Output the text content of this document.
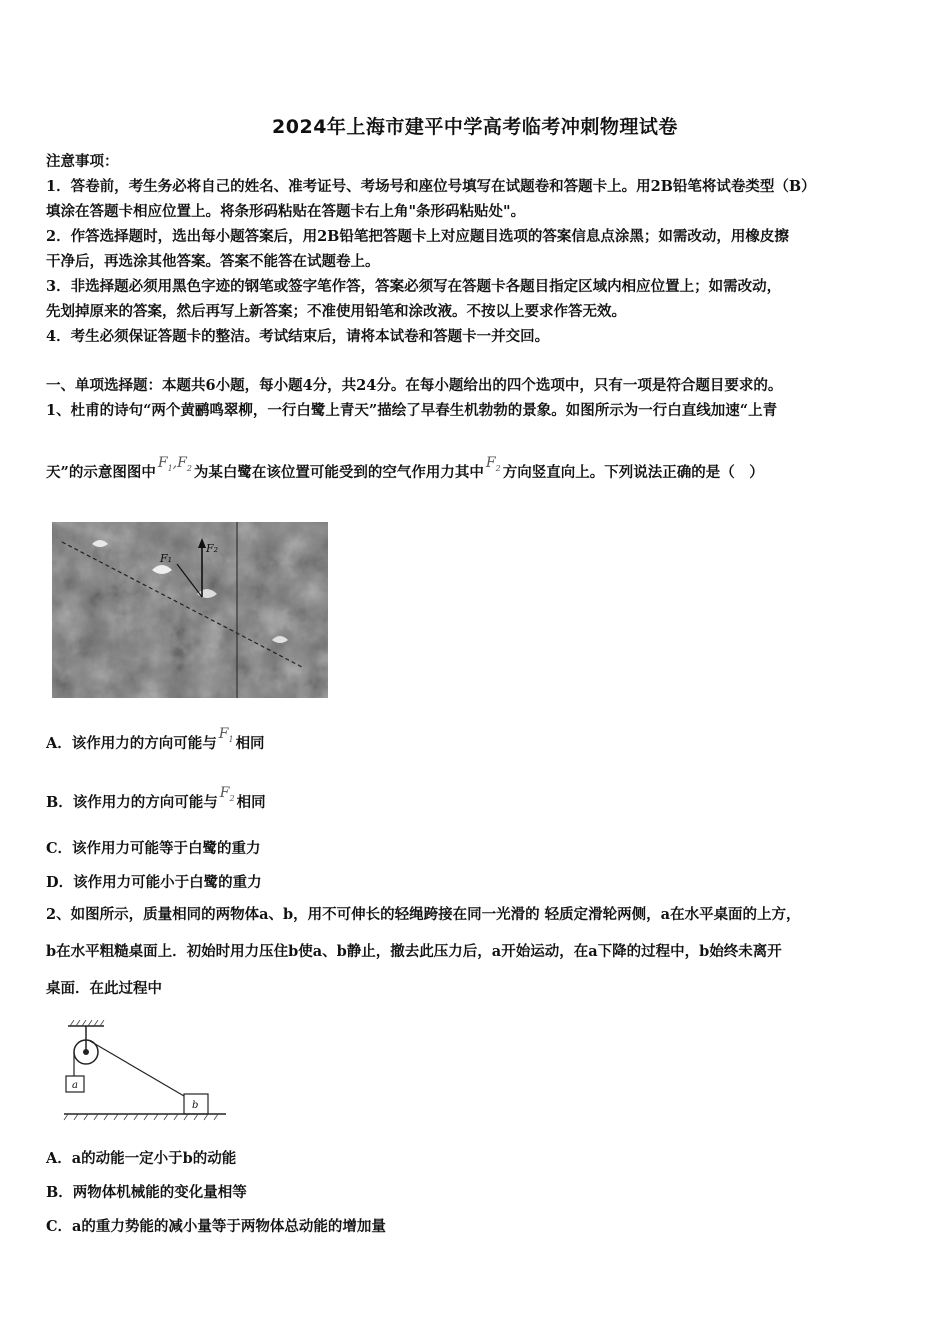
2024年上海市建平中学高考临考冲刺物理试卷
注意事项：
1．答卷前，考生务必将自己的姓名、准考证号、考场号和座位号填写在试题卷和答题卡上。用2B铅笔将试卷类型（B）
填涂在答题卡相应位置上。将条形码粘贴在答题卡右上角"条形码粘贴处"。
2．作答选择题时，选出每小题答案后，用2B铅笔把答题卡上对应题目选项的答案信息点涂黑；如需改动，用橡皮擦
干净后，再选涂其他答案。答案不能答在试题卷上。
3．非选择题必须用黑色字迹的钢笔或签字笔作答，答案必须写在答题卡各题目指定区域内相应位置上；如需改动，
先划掉原来的答案，然后再写上新答案；不准使用铅笔和涂改液。不按以上要求作答无效。
4．考生必须保证答题卡的整洁。考试结束后，请将本试卷和答题卡一并交回。
一、单项选择题：本题共6小题，每小题4分，共24分。在每小题给出的四个选项中，只有一项是符合题目要求的。
1、杜甫的诗句“两个黄鹂鸣翠柳，一行白鹭上青天”描绘了早春生机勃勃的景象。如图所示为一行白直线加速“上青
天”的示意图图中$F_1,F_2$ 为某白鹭在该位置可能受到的空气作用力其中$F_2$ 方向竖直向上。下列说法正确的是（　）
F₂
F₁
A．该作用力的方向可能与$F_1$ 相同
B．该作用力的方向可能与$F_2$ 相同
C．该作用力可能等于白鹭的重力
D．该作用力可能小于白鹭的重力
2、如图所示，质量相同的两物体a、b，用不可伸长的轻绳跨接在同一光滑的 轻质定滑轮两侧，a在水平桌面的上方，
b在水平粗糙桌面上．初始时用力压住b使a、b静止，撤去此压力后，a开始运动，在a下降的过程中，b始终未离开
桌面．在此过程中
a
b
A．a的动能一定小于b的动能
B．两物体机械能的变化量相等
C．a的重力势能的减小量等于两物体总动能的增加量
